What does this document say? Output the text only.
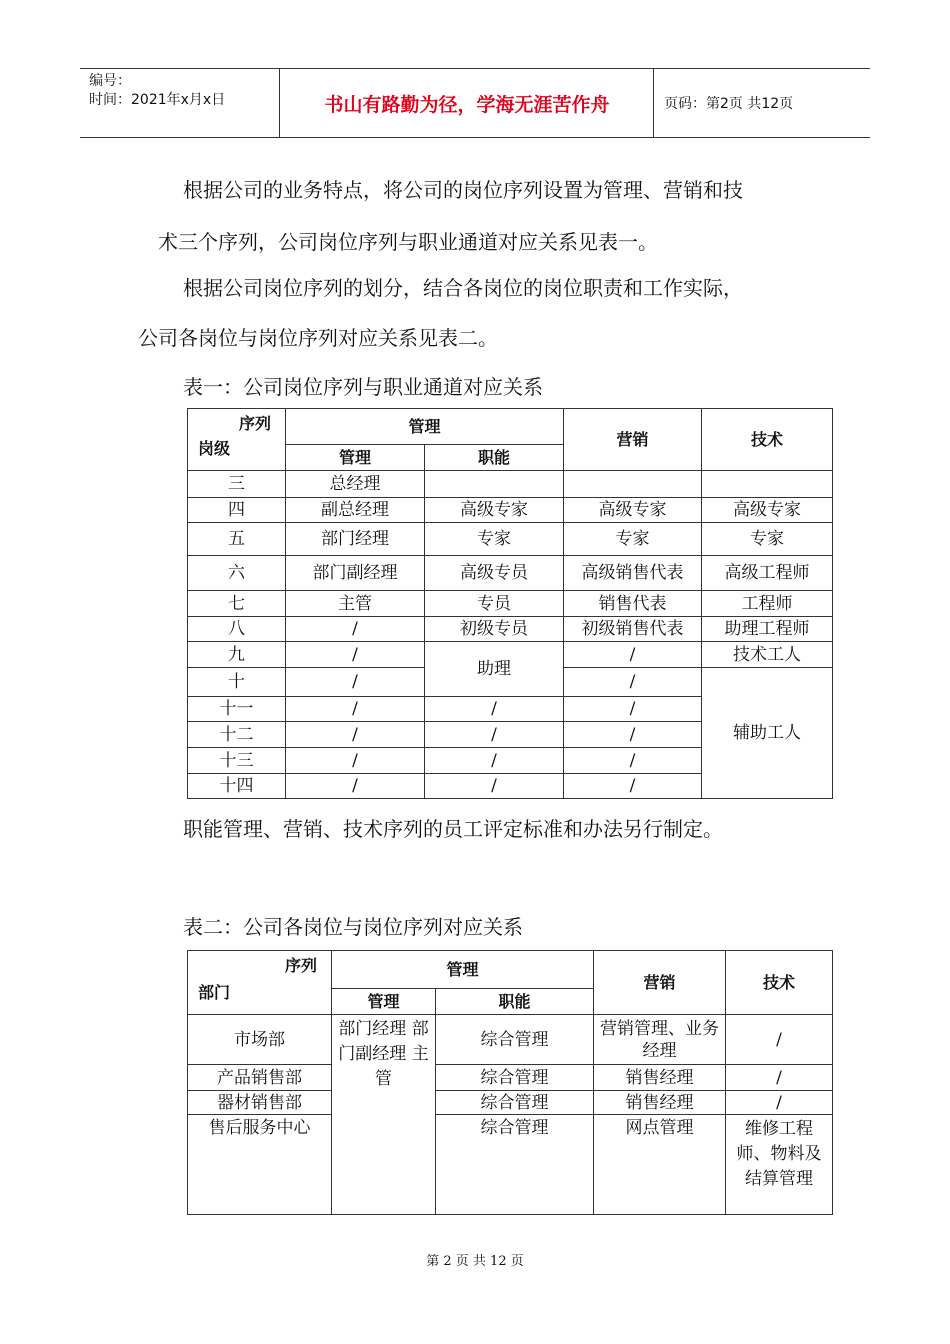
编号：
时间：2021年x月x日	书山有路勤为径，学海无涯苦作舟	页码：第2页 共12页
根据公司的业务特点，将公司的岗位序列设置为管理、营销和技
术三个序列，公司岗位序列与职业通道对应关系见表一。
根据公司岗位序列的划分，结合各岗位的岗位职责和工作实际，
公司各岗位与岗位序列对应关系见表二。
表一：公司岗位序列与职业通道对应关系
序列
岗级	管理		营销	技术
	管理	职能		
三	总经理			
四	副总经理	高级专家	高级专家	高级专家
五	部门经理	专家	专家	专家
六	部门副经理	高级专员	高级销售代表	高级工程师
七	主管	专员	销售代表	工程师
八	/	初级专员	初级销售代表	助理工程师
九	/	助理	/	技术工人
十	/		/	辅助工人
十一	/	/	/	
十二	/	/	/	
十三	/	/	/	
十四	/	/	/	
职能管理、营销、技术序列的员工评定标准和办法另行制定。
表二：公司各岗位与岗位序列对应关系
序列
部门	管理		营销	技术
	管理	职能		
市场部	部门经理 部门副经理 主管	综合管理	营销管理、业务经理	/
产品销售部		综合管理	销售经理	/
器材销售部		综合管理	销售经理	/
售后服务中心		综合管理	网点管理	维修工程师、物料及结算管理
第 2 页 共 12 页
